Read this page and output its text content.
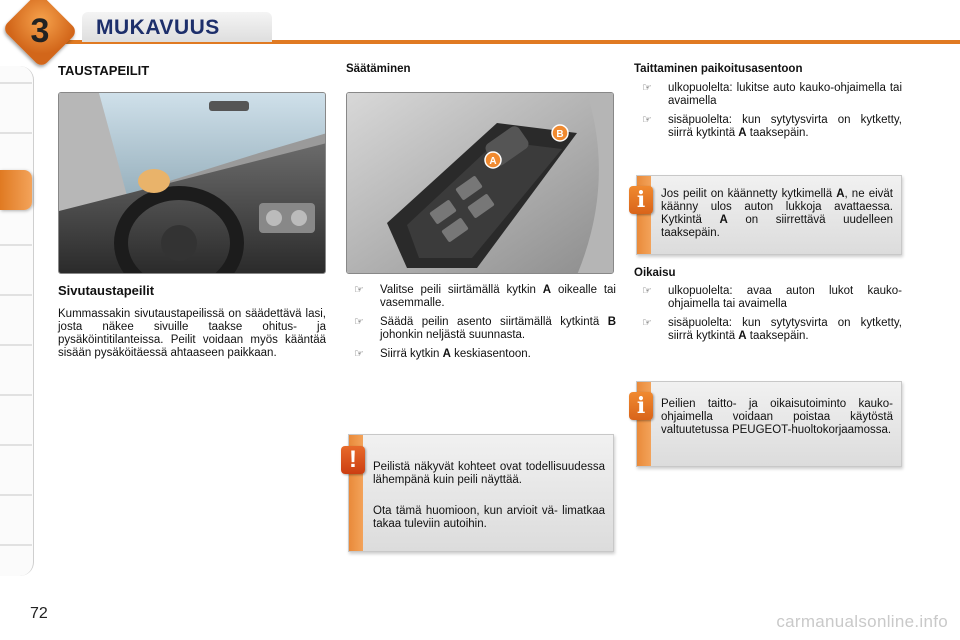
3	MUKAVUUS
TAUSTAPEILIT
Sivutaustapeilit
Kummassakin sivutaustapeilissä on säädettävä lasi, josta näkee sivuille taakse ohitus- ja pysäköintitilanteissa. Peilit voidaan myös kääntää sisään pysäköitäessä ahtaaseen paikkaan.
Säätäminen
A
B
☞ Valitse peili siirtämällä kytkin A oikealle tai vasemmalle.
☞ Säädä peilin asento siirtämällä kytkintä B johonkin neljästä suunnasta.
☞ Siirrä kytkin A keskiasentoon.
Peilistä näkyvät kohteet ovat todellisuudessa lähempänä kuin peili näyttää.
Ota tämä huomioon, kun arvioit vä- limatkaa takaa tuleviin autoihin.
!
Taittaminen paikoitusasentoon
☞ ulkopuolelta: lukitse auto kauko-ohjaimella tai avaimella
☞ sisäpuolelta: kun sytytysvirta on kytketty, siirrä kytkintä A taaksepäin.
Jos peilit on käännetty kytkimellä A, ne eivät käänny ulos auton lukkoja avattaessa. Kytkintä A on siirrettävä uudelleen taaksepäin.
i
Oikaisu
☞ ulkopuolelta: avaa auton lukot kauko-ohjaimella tai avaimella
☞ sisäpuolelta: kun sytytysvirta on kytketty, siirrä kytkintä A taaksepäin.
Peilien taitto- ja oikaisutoiminto kauko-ohjaimella voidaan poistaa käytöstä valtuutetussa PEUGEOT-huoltokorjaamossa.
i
72	carmanualsonline.info
